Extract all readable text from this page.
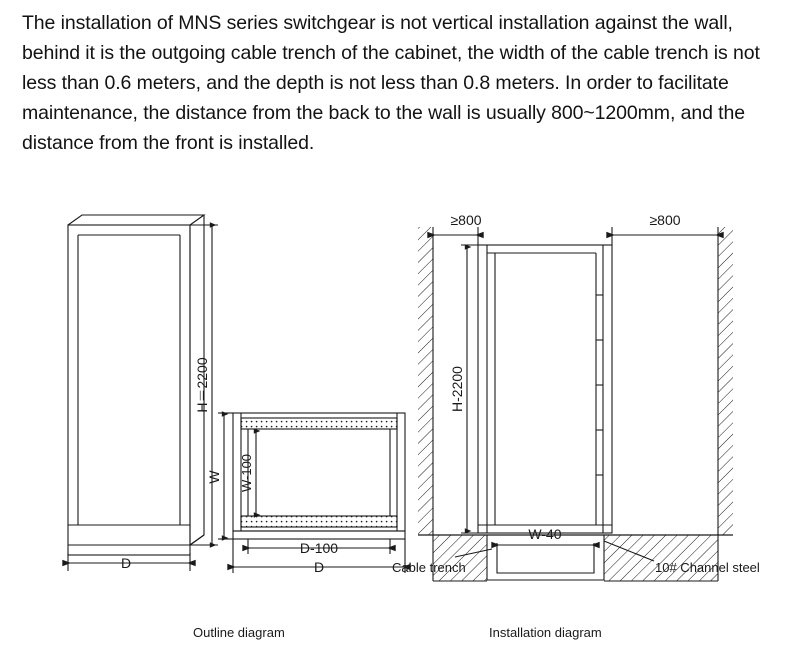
The installation of MNS series switchgear is not vertical installation against the wall, behind it is the outgoing cable trench of the cabinet, the width of the cable trench is not less than 0.6 meters, and the depth is not less than 0.8 meters. In order to facilitate maintenance, the distance from the back to the wall is usually 800~1200mm, and the distance from the front is installed.
H＝2200
D
W W-100
D-100
D
H-2200
≥800	≥800
W-40
Cable trench	10# Channel steel
Outline diagram	Installation diagram
